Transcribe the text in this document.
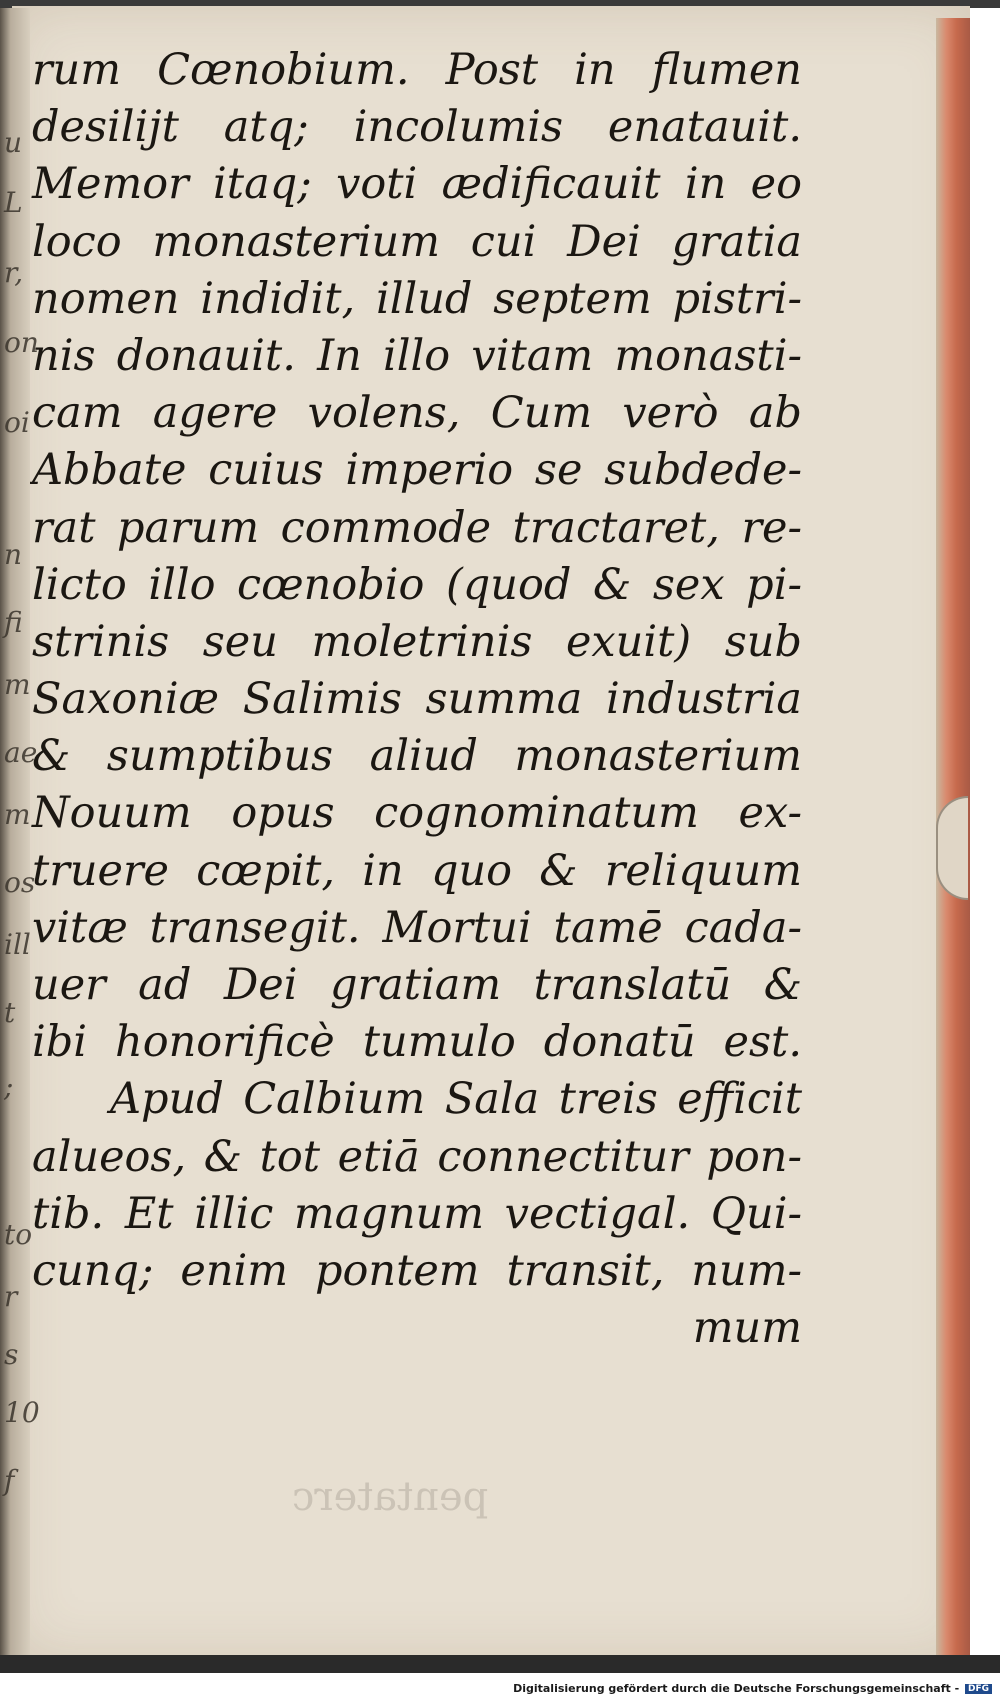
rum Cœnobium. Post in flumen
desilijt atq; incolumis enatauit.
Memor itaq; voti ædificauit in eo
loco monasterium cui Dei gratia
nomen indidit, illud septem pistri-
nis donauit. In illo vitam monasti-
cam agere volens, Cum verò ab
Abbate cuius imperio se subdede-
rat parum commode tractaret, re-
licto illo cœnobio (quod & sex pi-
strinis seu moletrinis exuit) sub
Saxoniæ Salimis summa industria
& sumptibus aliud monasterium
Nouum opus cognominatum ex-
truere cœpit, in quo & reliquum
vitæ transegit. Mortui tamē cada-
uer ad Dei gratiam translatū &
ibi honorificè tumulo donatū est.
Apud Calbium Sala treis efficit
alueos, & tot etiā connectitur pon-
tib. Et illic magnum vectigal. Qui-
cunq; enim pontem transit, num-
mum
pentaterc
u
L
r,
on
oi
n
fi
m
ae
m
os
ill
t
;
to
r
s
10
f
Digitalisierung gefördert durch die Deutsche Forschungsgemeinschaft - DFG
